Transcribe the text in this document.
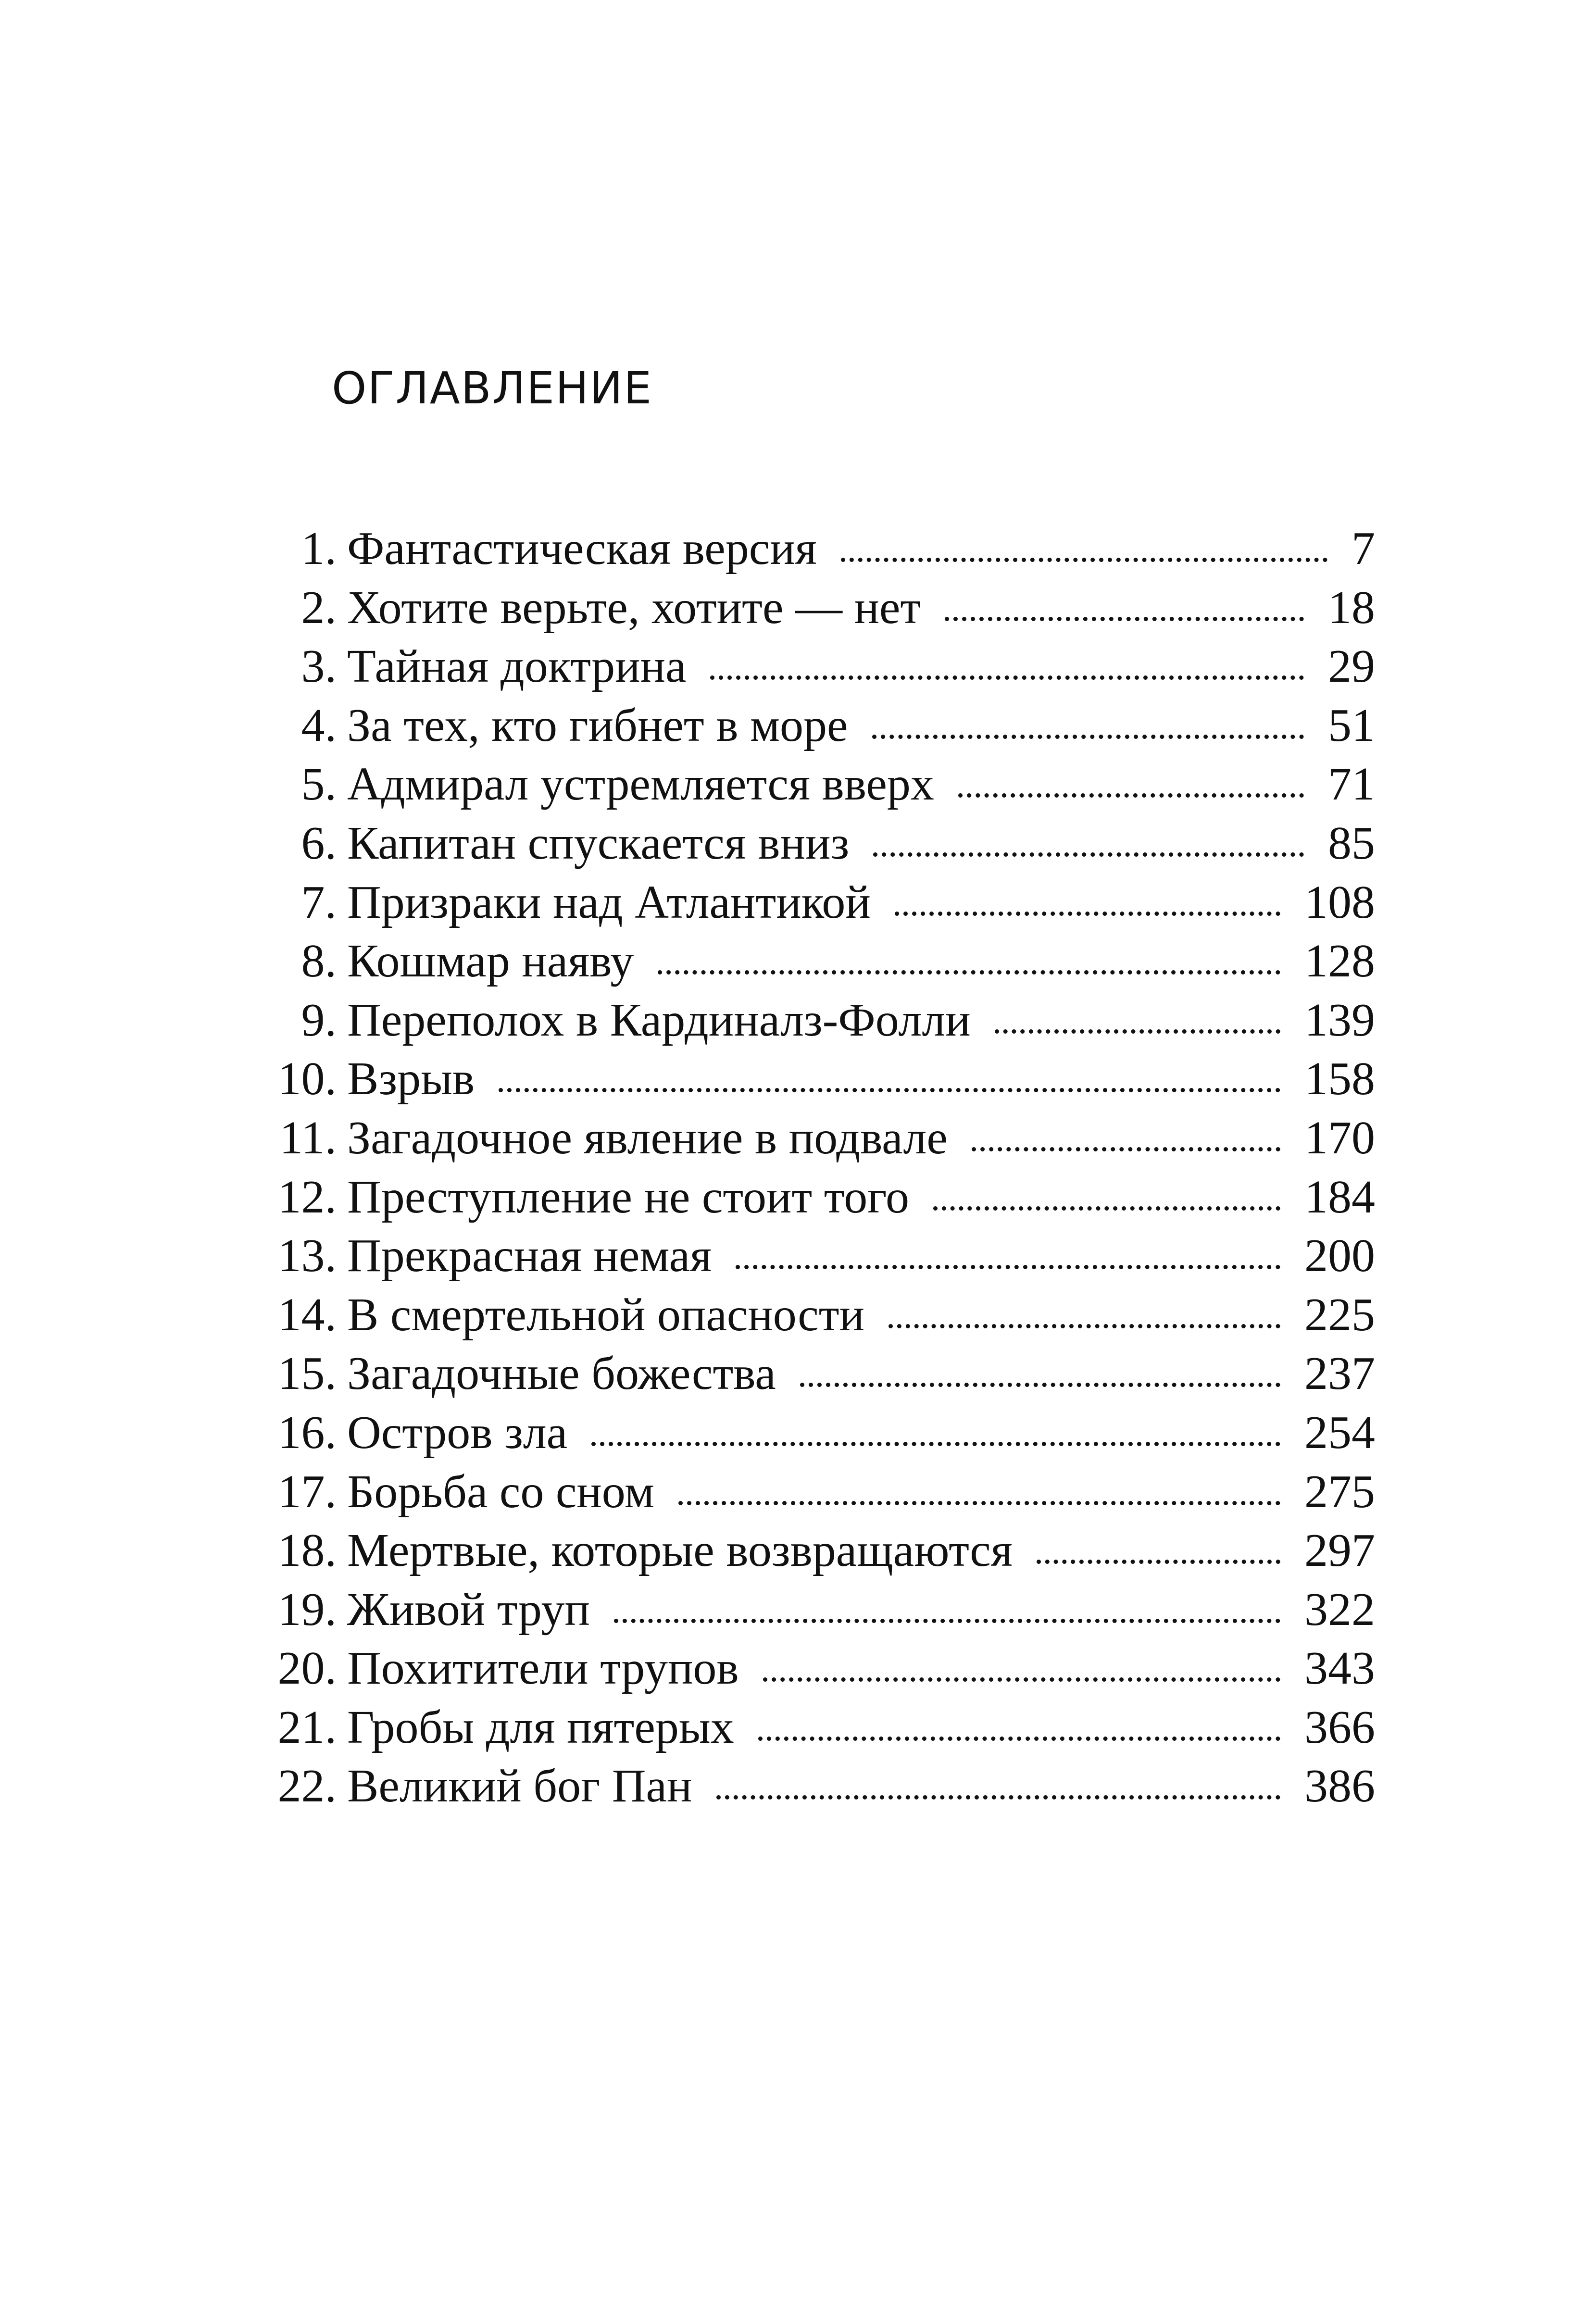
ОГЛАВЛЕНИЕ
1. Фантастическая версия	7
2. Хотите верьте, хотите — нет	18
3. Тайная доктрина	29
4. За тех, кто гибнет в море	51
5. Адмирал устремляется вверх	71
6. Капитан спускается вниз	85
7. Призраки над Атлантикой	108
8. Кошмар наяву	128
9. Переполох в Кардиналз-Фолли	139
10. Взрыв	158
11. Загадочное явление в подвале	170
12. Преступление не стоит того	184
13. Прекрасная немая	200
14. В смертельной опасности	225
15. Загадочные божества	237
16. Остров зла	254
17. Борьба со сном	275
18. Мертвые, которые возвращаются	297
19. Живой труп	322
20. Похитители трупов	343
21. Гробы для пятерых	366
22. Великий бог Пан	386
